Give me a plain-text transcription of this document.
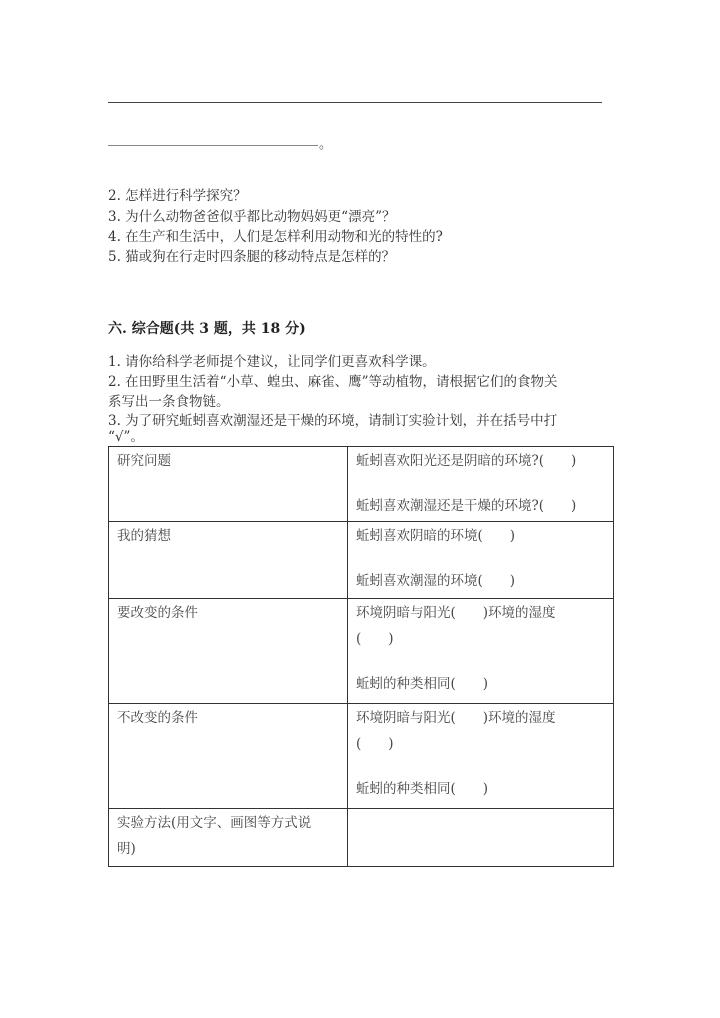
。
2. 怎样进行科学探究？
3. 为什么动物爸爸似乎都比动物妈妈更“漂亮”？
4. 在生产和生活中，人们是怎样利用动物和光的特性的?
5. 猫或狗在行走时四条腿的移动特点是怎样的？
六. 综合题(共 3 题，共 18 分)
1. 请你给科学老师提个建议，让同学们更喜欢科学课。
2. 在田野里生活着“小草、蝗虫、麻雀、鹰”等动植物，请根据它们的食物关
系写出一条食物链。
3. 为了研究蚯蚓喜欢潮湿还是干燥的环境，请制订实验计划，并在括号中打
“√”。
研究问题	蚯蚓喜欢阳光还是阴暗的环境?(　　)
蚯蚓喜欢潮湿还是干燥的环境?(　　)

我的猜想	蚯蚓喜欢阴暗的环境(　　)
蚯蚓喜欢潮湿的环境(　　)

要改变的条件	环境阴暗与阳光(　　)环境的湿度
(　　)
蚯蚓的种类相同(　　)

不改变的条件	环境阴暗与阳光(　　)环境的湿度
(　　)
蚯蚓的种类相同(　　)

实验方法(用文字、画图等方式说
明)	
